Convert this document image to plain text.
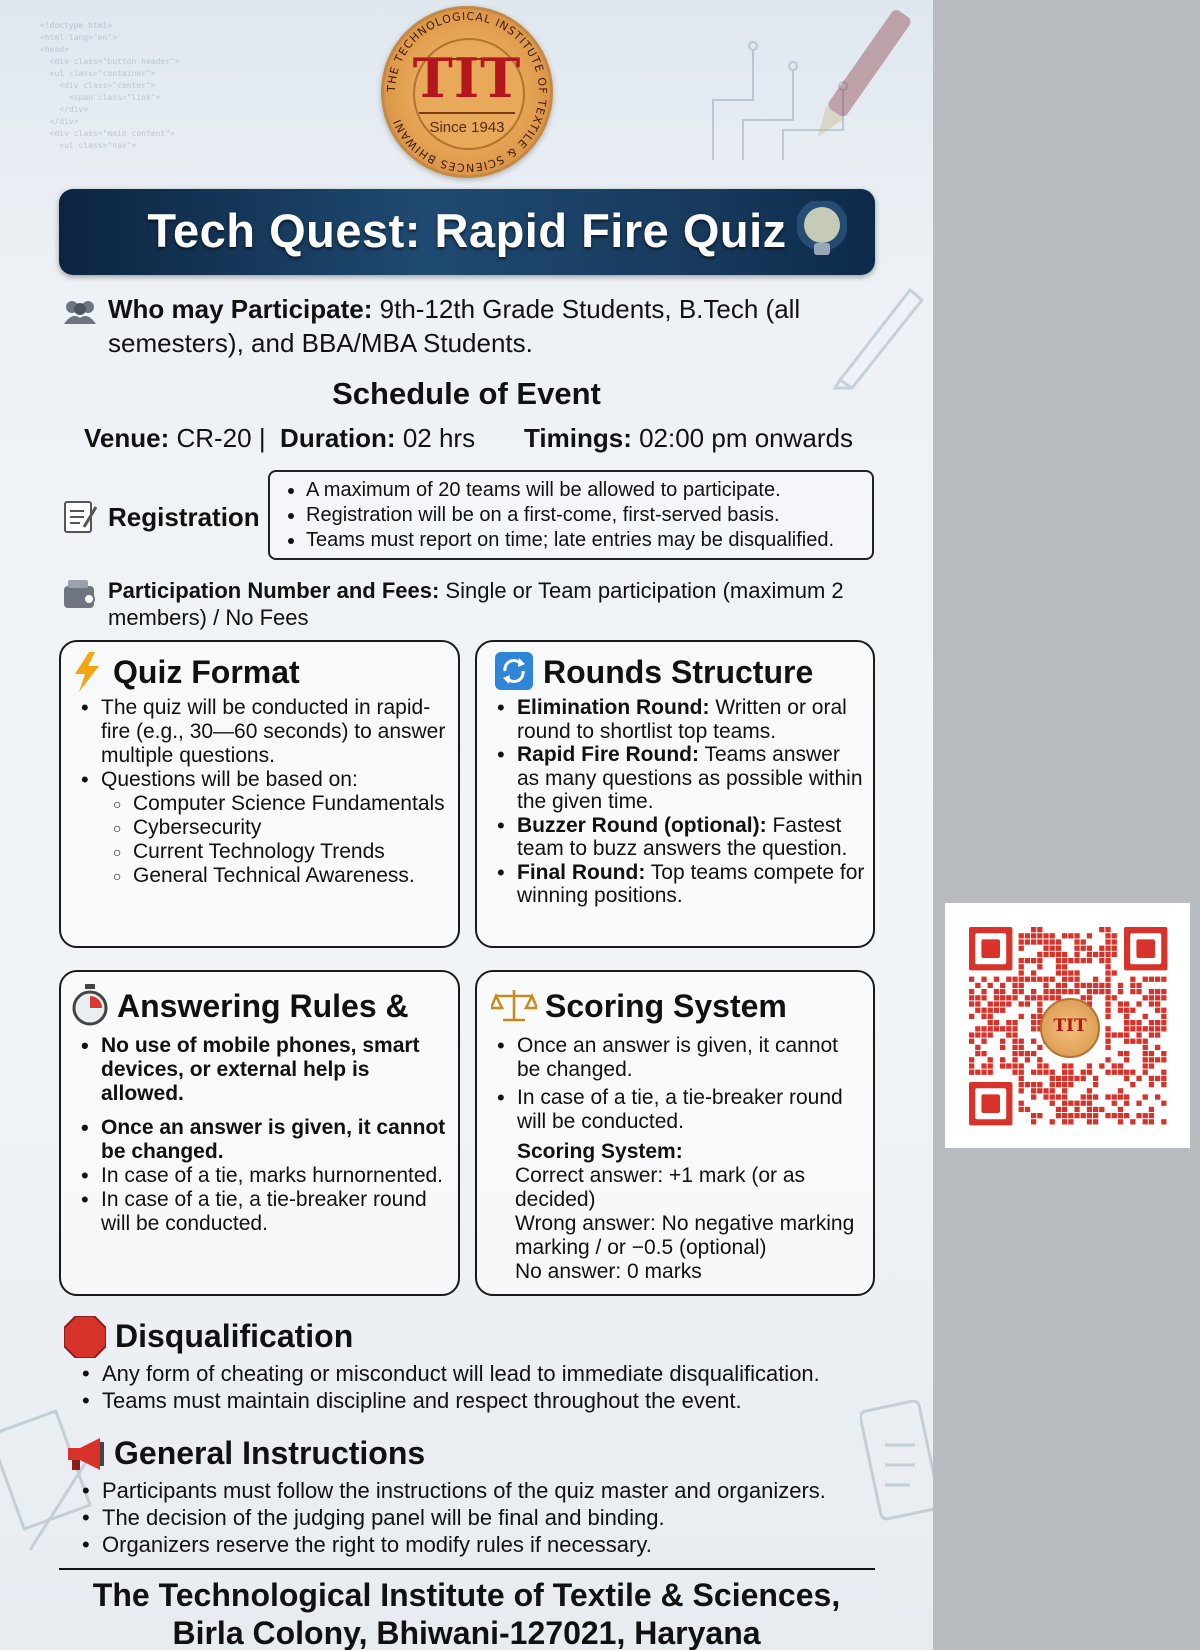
<!doctype html>
<html lang="en">
<head>
<div class="button header">
<ul class="container">
<div class="center">
<span class="link">
</div>
</div>
<div class="main content">
<ul class="nav">
THE TECHNOLOGICAL INSTITUTE OF TEXTILE & SCIENCES BHIWANI
TIT
Since 1943
Tech Quest: Rapid Fire Quiz
Who may Participate: 9th-12th Grade Students, B.Tech (all semesters), and BBA/MBA Students.
Schedule of Event
Venue: CR-20 | Duration: 02 hrs Timings: 02:00 pm onwards
Registration
• A maximum of 20 teams will be allowed to participate.
• Registration will be on a first-come, first-served basis.
• Teams must report on time; late entries may be disqualified.
Participation Number and Fees: Single or Team participation (maximum 2 members) / No Fees
Quiz Format
• The quiz will be conducted in rapid-fire (e.g., 30—60 seconds) to answer multiple questions.
• Questions will be based on:
○ Computer Science Fundamentals
○ Cybersecurity
○ Current Technology Trends
○ General Technical Awareness.
Rounds Structure
• Elimination Round: Written or oral round to shortlist top teams.
• Rapid Fire Round: Teams answer as many questions as possible within the given time.
• Buzzer Round (optional): Fastest team to buzz answers the question.
• Final Round: Top teams compete for winning positions.
Answering Rules &
• No use of mobile phones, smart devices, or external help is allowed.
• Once an answer is given, it cannot be changed.
• In case of a tie, marks hurnornented.
• In case of a tie, a tie-breaker round will be conducted.
Scoring System
• Once an answer is given, it cannot be changed.
• In case of a tie, a tie-breaker round will be conducted.
Scoring System:
Correct answer: +1 mark (or as decided)
Wrong answer: No negative marking marking / or −0.5 (optional)
No answer: 0 marks
Disqualification
• Any form of cheating or misconduct will lead to immediate disqualification.
• Teams must maintain discipline and respect throughout the event.
General Instructions
• Participants must follow the instructions of the quiz master and organizers.
• The decision of the judging panel will be final and binding.
• Organizers reserve the right to modify rules if necessary.
The Technological Institute of Textile & Sciences,
Birla Colony, Bhiwani-127021, Haryana
TIT
